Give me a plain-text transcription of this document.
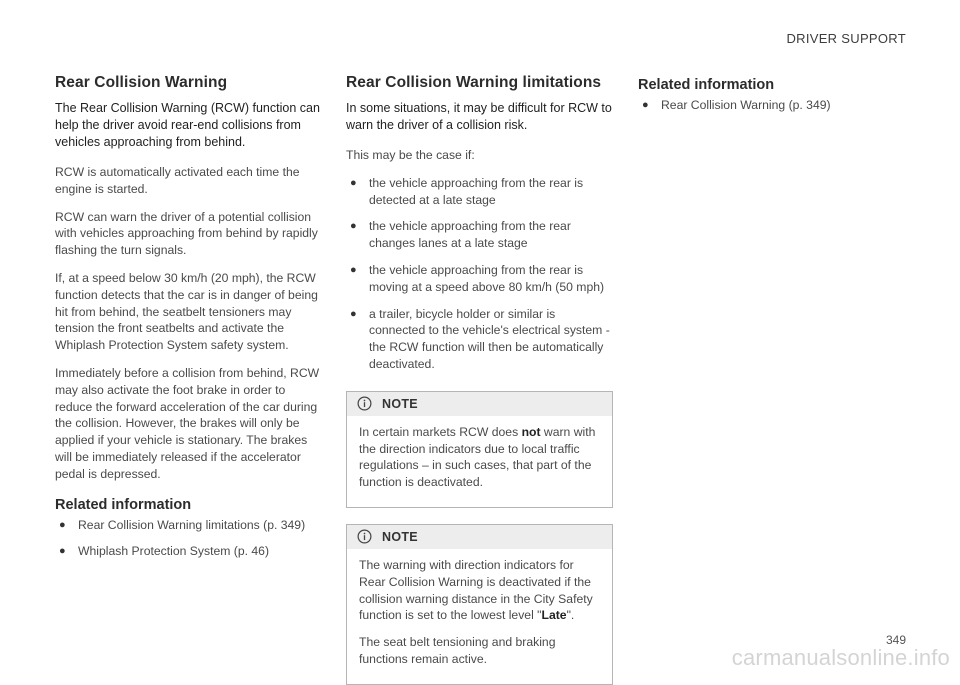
DRIVER SUPPORT
Rear Collision Warning

The Rear Collision Warning (RCW) function can help the driver avoid rear-end collisions from vehicles approaching from behind.

RCW is automatically activated each time the engine is started.

RCW can warn the driver of a potential collision with vehicles approaching from behind by rapidly flashing the turn signals.

If, at a speed below 30 km/h (20 mph), the RCW function detects that the car is in danger of being hit from behind, the seatbelt tensioners may tension the front seatbelts and activate the Whiplash Protection System safety system.

Immediately before a collision from behind, RCW may also activate the foot brake in order to reduce the forward acceleration of the car during the collision. However, the brakes will only be applied if your vehicle is stationary. The brakes will be immediately released if the accelerator pedal is depressed.

Related information
● Rear Collision Warning limitations (p. 349)
● Whiplash Protection System (p. 46)
Rear Collision Warning limitations

In some situations, it may be difficult for RCW to warn the driver of a collision risk.

This may be the case if:

● the vehicle approaching from the rear is detected at a late stage
● the vehicle approaching from the rear changes lanes at a late stage
● the vehicle approaching from the rear is moving at a speed above 80 km/h (50 mph)
● a trailer, bicycle holder or similar is connected to the vehicle's electrical system - the RCW function will then be automatically deactivated.
NOTE

In certain markets RCW does not warn with the direction indicators due to local traffic regulations – in such cases, that part of the function is deactivated.

NOTE

The warning with direction indicators for Rear Collision Warning is deactivated if the collision warning distance in the City Safety function is set to the lowest level "Late".

The seat belt tensioning and braking functions remain active.

Related information
● Rear Collision Warning (p. 349)
349
carmanualsonline.info
